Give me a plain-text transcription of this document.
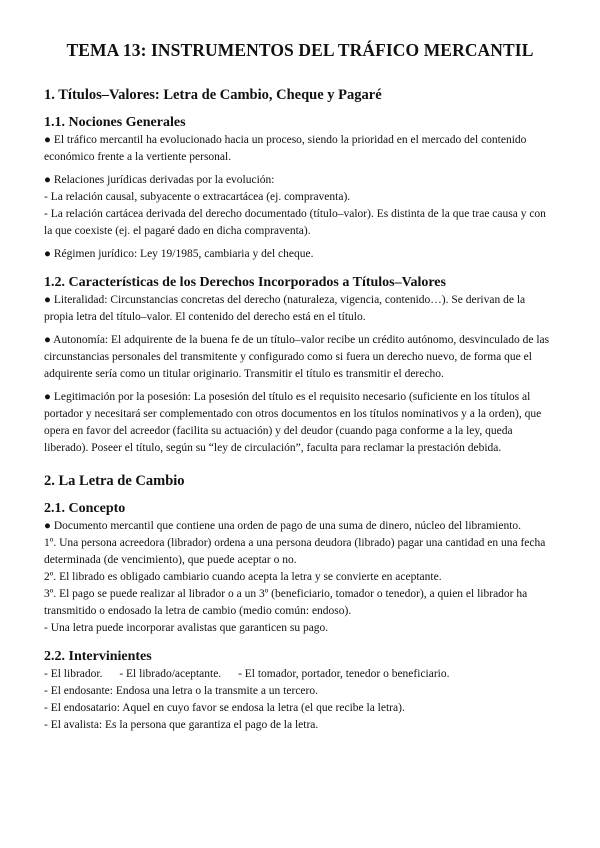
TEMA 13: INSTRUMENTOS DEL TRÁFICO MERCANTIL
1. Títulos–Valores: Letra de Cambio, Cheque y Pagaré
1.1. Nociones Generales
● El tráfico mercantil ha evolucionado hacia un proceso, siendo la prioridad en el mercado del contenido económico frente a la vertiente personal.
● Relaciones jurídicas derivadas por la evolución:
- La relación causal, subyacente o extracartácea (ej. compraventa).
- La relación cartácea derivada del derecho documentado (título–valor). Es distinta de la que trae causa y con la que coexiste (ej. el pagaré dado en dicha compraventa).
● Régimen jurídico: Ley 19/1985, cambiaria y del cheque.
1.2. Características de los Derechos Incorporados a Títulos–Valores
● Literalidad: Circunstancias concretas del derecho (naturaleza, vigencia, contenido…). Se derivan de la propia letra del título–valor. El contenido del derecho está en el título.
● Autonomía: El adquirente de la buena fe de un título–valor recibe un crédito autónomo, desvinculado de las circunstancias personales del transmitente y configurado como si fuera un derecho nuevo, de forma que el adquirente sería como un titular originario. Transmitir el título es transmitir el derecho.
● Legitimación por la posesión: La posesión del título es el requisito necesario (suficiente en los títulos al portador y necesitará ser complementado con otros documentos en los títulos nominativos y a la orden), que opera en favor del acreedor (facilita su actuación) y del deudor (cuando paga conforme a la ley, queda liberado). Poseer el título, según su “ley de circulación”, faculta para reclamar la prestación debida.
2. La Letra de Cambio
2.1. Concepto
● Documento mercantil que contiene una orden de pago de una suma de dinero, núcleo del libramiento.
1º. Una persona acreedora (librador) ordena a una persona deudora (librado) pagar una cantidad en una fecha determinada (de vencimiento), que puede aceptar o no.
2º. El librado es obligado cambiario cuando acepta la letra y se convierte en aceptante.
3º. El pago se puede realizar al librador o a un 3º (beneficiario, tomador o tenedor), a quien el librador ha transmitido o endosado la letra de cambio (medio común: endoso).
- Una letra puede incorporar avalistas que garanticen su pago.
2.2. Intervinientes
- El librador. - El librado/aceptante. - El tomador, portador, tenedor o beneficiario.
- El endosante: Endosa una letra o la transmite a un tercero.
- El endosatario: Aquel en cuyo favor se endosa la letra (el que recibe la letra).
- El avalista: Es la persona que garantiza el pago de la letra.
